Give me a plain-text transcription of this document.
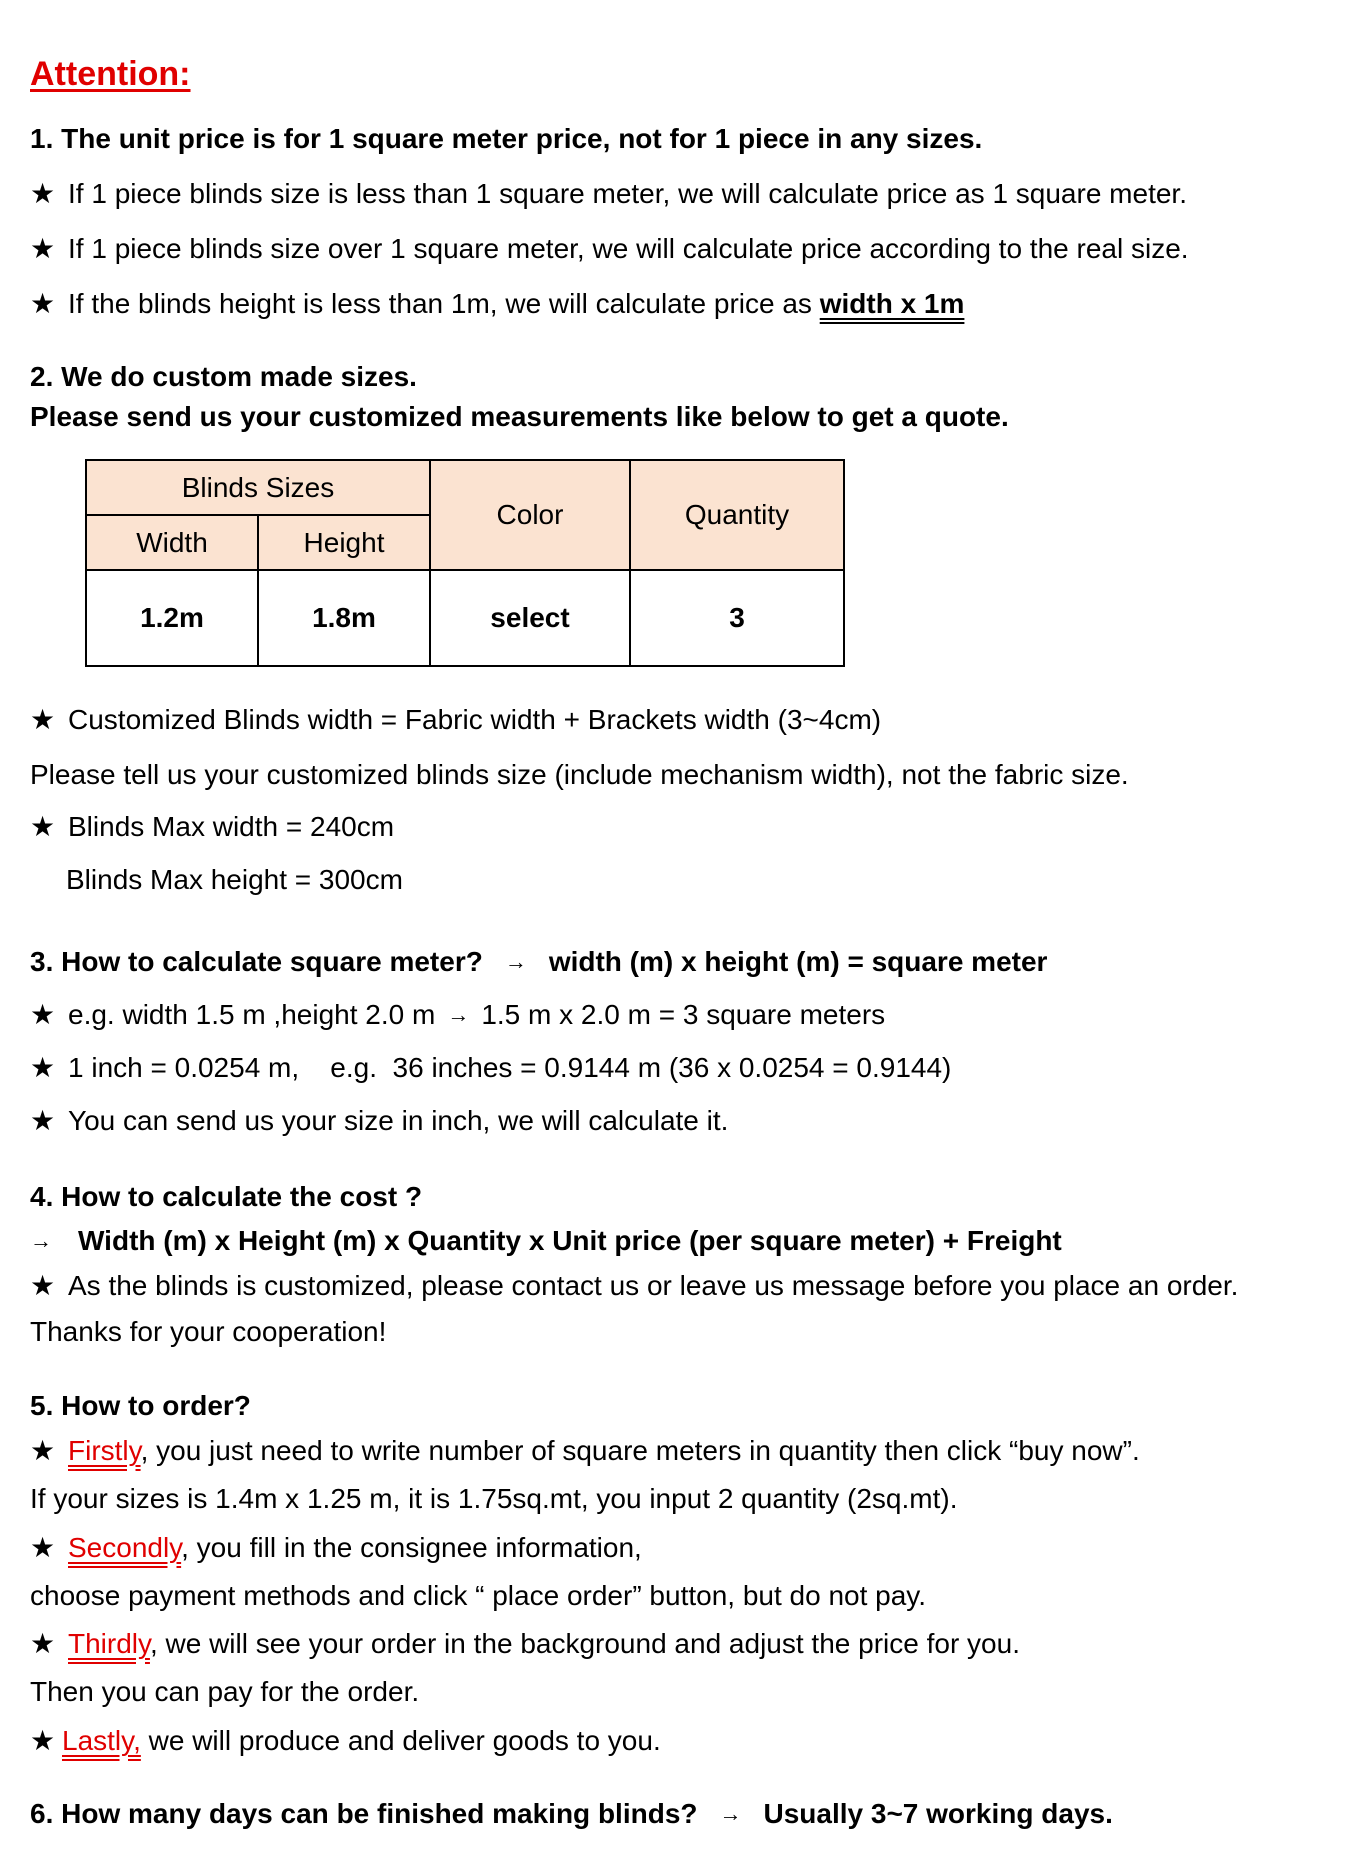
Attention:
1. The unit price is for 1 square meter price, not for 1 piece in any sizes.
★ If 1 piece blinds size is less than 1 square meter, we will calculate price as 1 square meter.
★ If 1 piece blinds size over 1 square meter, we will calculate price according to the real size.
★ If the blinds height is less than 1m, we will calculate price as width x 1m
2. We do custom made sizes.
Please send us your customized measurements like below to get a quote.
Blinds Sizes		Color	Quantity
Width	Height		
1.2m	1.8m	select	3
★ Customized Blinds width = Fabric width + Brackets width (3~4cm)
Please tell us your customized blinds size (include mechanism width), not the fabric size.
★ Blinds Max width = 240cm
Blinds Max height = 300cm
3. How to calculate square meter? → width (m) x height (m) = square meter
★ e.g. width 1.5 m ,height 2.0 m → 1.5 m x 2.0 m = 3 square meters
★ 1 inch = 0.0254 m,    e.g.  36 inches = 0.9144 m (36 x 0.0254 = 0.9144)
★ You can send us your size in inch, we will calculate it.
4. How to calculate the cost ?
→ Width (m) x Height (m) x Quantity x Unit price (per square meter) + Freight
★ As the blinds is customized, please contact us or leave us message before you place an order.
Thanks for your cooperation!
5. How to order?
★ Firstly, you just need to write number of square meters in quantity then click “buy now”.
If your sizes is 1.4m x 1.25 m, it is 1.75sq.mt, you input 2 quantity (2sq.mt).
★ Secondly, you fill in the consignee information,
choose payment methods and click “ place order” button, but do not pay.
★ Thirdly, we will see your order in the background and adjust the price for you.
Then you can pay for the order.
★ Lastly, we will produce and deliver goods to you.
6. How many days can be finished making blinds? → Usually 3~7 working days.
